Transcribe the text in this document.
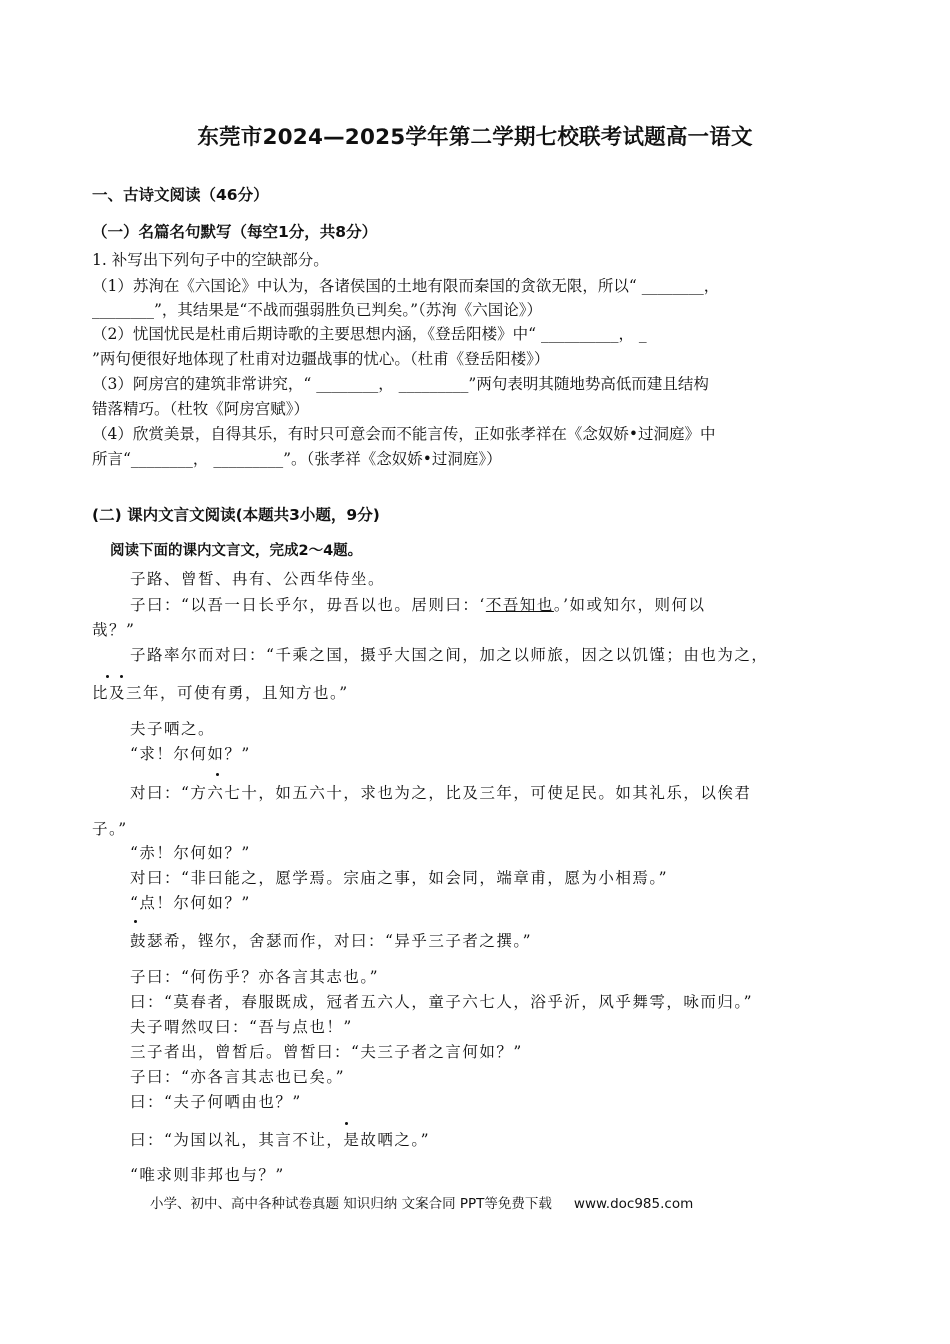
东莞市2024—2025学年第二学期七校联考试题高一语文
一、古诗文阅读（46分）
（一）名篇名句默写（每空1分，共8分）
1. 补写出下列句子中的空缺部分。
（1）苏洵在《六国论》中认为，各诸侯国的土地有限而秦国的贪欲无限，所以“ ________，
________”，其结果是“不战而强弱胜负已判矣。”（苏洵《六国论》）
（2）忧国忧民是杜甫后期诗歌的主要思想内涵，《登岳阳楼》中“ __________， _
”两句便很好地体现了杜甫对边疆战事的忧心。（杜甫《登岳阳楼》）
（3）阿房宫的建筑非常讲究，“ ________， _________”两句表明其随地势高低而建且结构
错落精巧。（杜牧《阿房宫赋》）
（4）欣赏美景，自得其乐，有时只可意会而不能言传，正如张孝祥在《念奴娇•过洞庭》中
所言“________， _________”。（张孝祥《念奴娇•过洞庭》）
(二) 课内文言文阅读(本题共3小题，9分)
阅读下面的课内文言文，完成2～4题。
子路、曾皙、冉有、公西华侍坐。
子曰：“以吾一日长乎尔，毋吾以也。居则曰：‘不吾知也。’如或知尔，则何以
哉？”
子路率尔而对曰：“千乘之国，摄乎大国之间，加之以师旅，因之以饥馑；由也为之，
比及三年，可使有勇，且知方也。”
夫子哂之。
“求！尔何如？”
对曰：“方六七十，如五六十，求也为之，比及三年，可使足民。如其礼乐，以俟君
子。”
“赤！尔何如？”
对曰：“非曰能之，愿学焉。宗庙之事，如会同，端章甫，愿为小相焉。”
“点！尔何如？”
鼓瑟希，铿尔，舍瑟而作，对曰：“异乎三子者之撰。”
子曰：“何伤乎？亦各言其志也。”
曰：“莫春者，春服既成，冠者五六人，童子六七人，浴乎沂，风乎舞雩，咏而归。”
夫子喟然叹曰：“吾与点也！”
三子者出，曾皙后。曾皙曰：“夫三子者之言何如？”
子曰：“亦各言其志也已矣。”
曰：“夫子何哂由也？”
曰：“为国以礼，其言不让，是故哂之。”
“唯求则非邦也与？”
小学、初中、高中各种试卷真题 知识归纳 文案合同 PPT等免费下载 www.doc985.com
